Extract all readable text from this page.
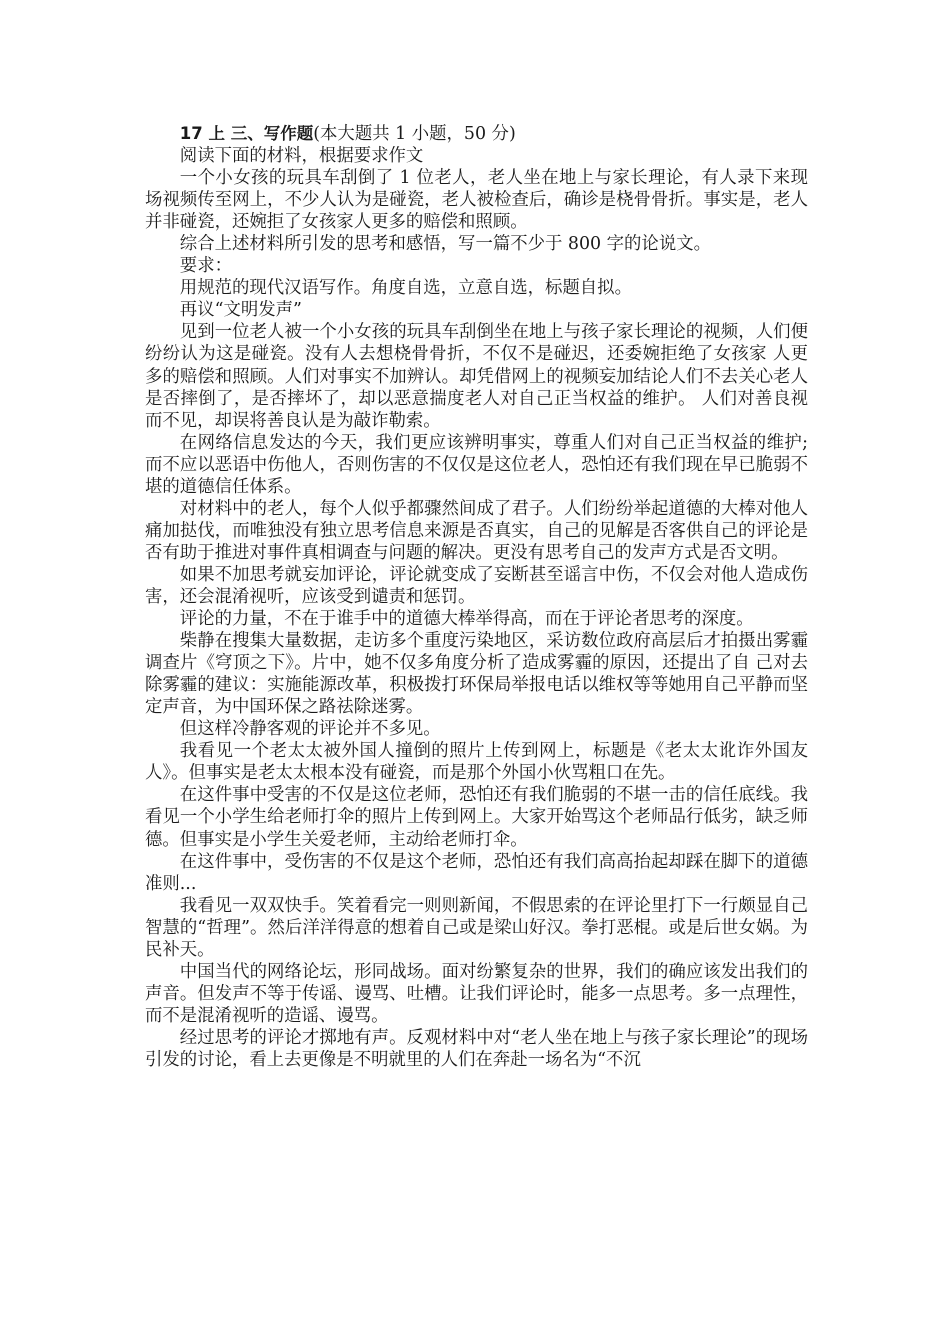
17 上 三、写作题(本大题共 1 小题，50 分)

阅读下面的材料，根据要求作文

一个小女孩的玩具车刮倒了 1 位老人，老人坐在地上与家长理论，有人录下来现场视频传至网上，不少人认为是碰瓷，老人被检查后，确诊是桡骨骨折。事实是，老人并非碰瓷，还婉拒了女孩家人更多的赔偿和照顾。

综合上述材料所引发的思考和感悟，写一篇不少于 800 字的论说文。

要求：

用规范的现代汉语写作。角度自选，立意自选，标题自拟。

再议“文明发声”

见到一位老人被一个小女孩的玩具车刮倒坐在地上与孩子家长理论的视频，人们便纷纷认为这是碰瓷。没有人去想桡骨骨折，不仅不是碰迟，还委婉拒绝了女孩家 人更多的赔偿和照顾。人们对事实不加辨认。却凭借网上的视频妄加结论人们不去关心老人是否摔倒了，是否摔坏了，却以恶意揣度老人对自己正当权益的维护。 人们对善良视而不见，却误将善良认是为敲诈勒索。

在网络信息发达的今天，我们更应该辨明事实，尊重人们对自己正当权益的维护;而不应以恶语中伤他人，否则伤害的不仅仅是这位老人，恐怕还有我们现在早已脆弱不堪的道德信任体系。

对材料中的老人，每个人似乎都骤然间成了君子。人们纷纷举起道德的大棒对他人痛加挞伐，而唯独没有独立思考信息来源是否真实，自己的见解是否客供自己的评论是否有助于推进对事件真相调查与问题的解决。更没有思考自己的发声方式是否文明。

如果不加思考就妄加评论，评论就变成了妄断甚至谣言中伤，不仅会对他人造成伤害，还会混淆视听，应该受到谴责和惩罚。

评论的力量，不在于谁手中的道德大棒举得高，而在于评论者思考的深度。

柴静在搜集大量数据，走访多个重度污染地区，采访数位政府高层后才拍摄出雾霾调查片《穹顶之下》。片中，她不仅多角度分析了造成雾霾的原因，还提出了自 己对去除雾霾的建议：实施能源改革，积极拨打环保局举报电话以维权等等她用自己平静而坚定声音，为中国环保之路祛除迷雾。

但这样冷静客观的评论并不多见。

我看见一个老太太被外国人撞倒的照片上传到网上，标题是《老太太讹诈外国友人》。但事实是老太太根本没有碰瓷，而是那个外国小伙骂粗口在先。

在这件事中受害的不仅是这位老师，恐怕还有我们脆弱的不堪一击的信任底线。我看见一个小学生给老师打伞的照片上传到网上。大家开始骂这个老师品行低劣，缺乏师德。但事实是小学生关爱老师，主动给老师打伞。

在这件事中，受伤害的不仅是这个老师，恐怕还有我们高高抬起却踩在脚下的道德准则...

我看见一双双快手。笑着看完一则则新闻，不假思索的在评论里打下一行颇显自己智慧的“哲理”。然后洋洋得意的想着自己或是梁山好汉。拳打恶棍。或是后世女娲。为民补天。

中国当代的网络论坛，形同战场。面对纷繁复杂的世界，我们的确应该发出我们的声音。但发声不等于传谣、谩骂、吐槽。让我们评论时，能多一点思考。多一点理性，而不是混淆视听的造谣、谩骂。

经过思考的评论才掷地有声。反观材料中对“老人坐在地上与孩子家长理论”的现场引发的讨论，看上去更像是不明就里的人们在奔赴一场名为“不沉
